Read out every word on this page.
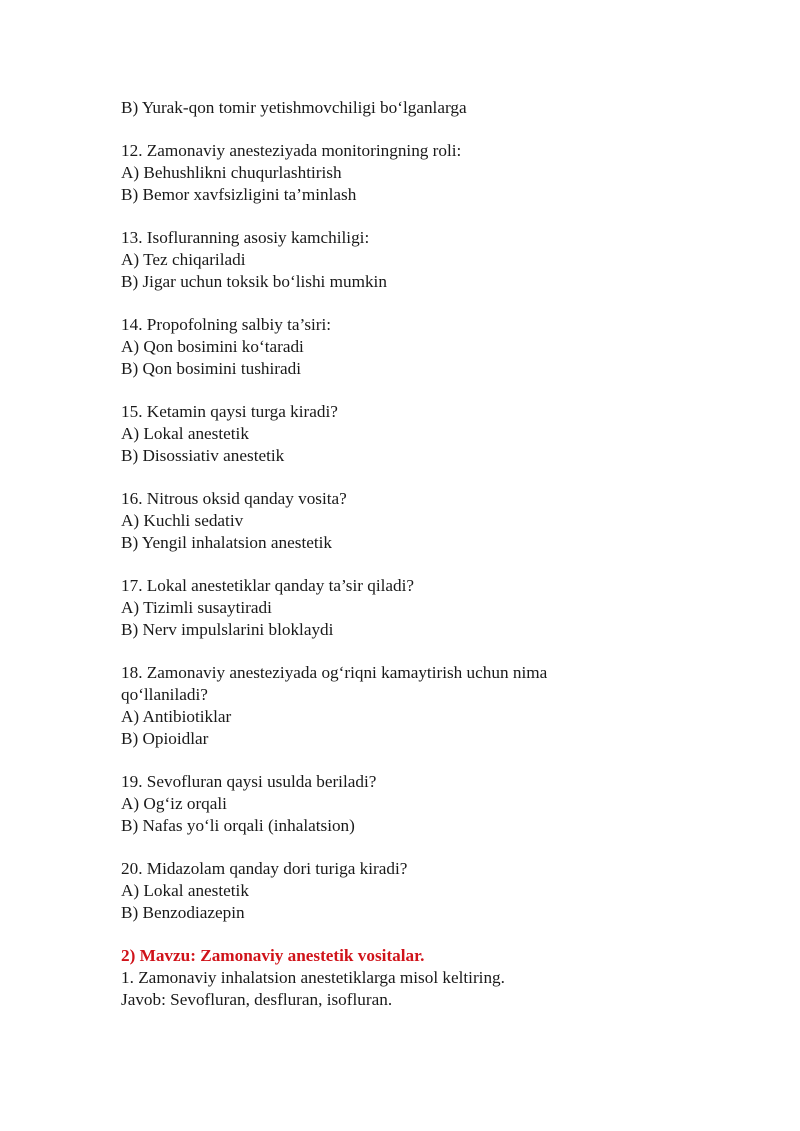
B) Yurak-qon tomir yetishmovchiligi bo‘lganlarga
12. Zamonaviy anesteziyada monitoringning roli:
A) Behushlikni chuqurlashtirish
B) Bemor xavfsizligini ta’minlash
13. Isofluranning asosiy kamchiligi:
A) Tez chiqariladi
B) Jigar uchun toksik bo‘lishi mumkin
14. Propofolning salbiy ta’siri:
A) Qon bosimini ko‘taradi
B) Qon bosimini tushiradi
15. Ketamin qaysi turga kiradi?
A) Lokal anestetik
B) Disossiativ anestetik
16. Nitrous oksid qanday vosita?
A) Kuchli sedativ
B) Yengil inhalatsion anestetik
17. Lokal anestetiklar qanday ta’sir qiladi?
A) Tizimli susaytiradi
B) Nerv impulslarini bloklaydi
18. Zamonaviy anesteziyada og‘riqni kamaytirish uchun nima
qo‘llaniladi?
A) Antibiotiklar
B) Opioidlar
19. Sevofluran qaysi usulda beriladi?
A) Og‘iz orqali
B) Nafas yo‘li orqali (inhalatsion)
20. Midazolam qanday dori turiga kiradi?
A) Lokal anestetik
B) Benzodiazepin
2) Mavzu: Zamonaviy anestetik vositalar.
1. Zamonaviy inhalatsion anestetiklarga misol keltiring.
Javob: Sevofluran, desfluran, isofluran.
